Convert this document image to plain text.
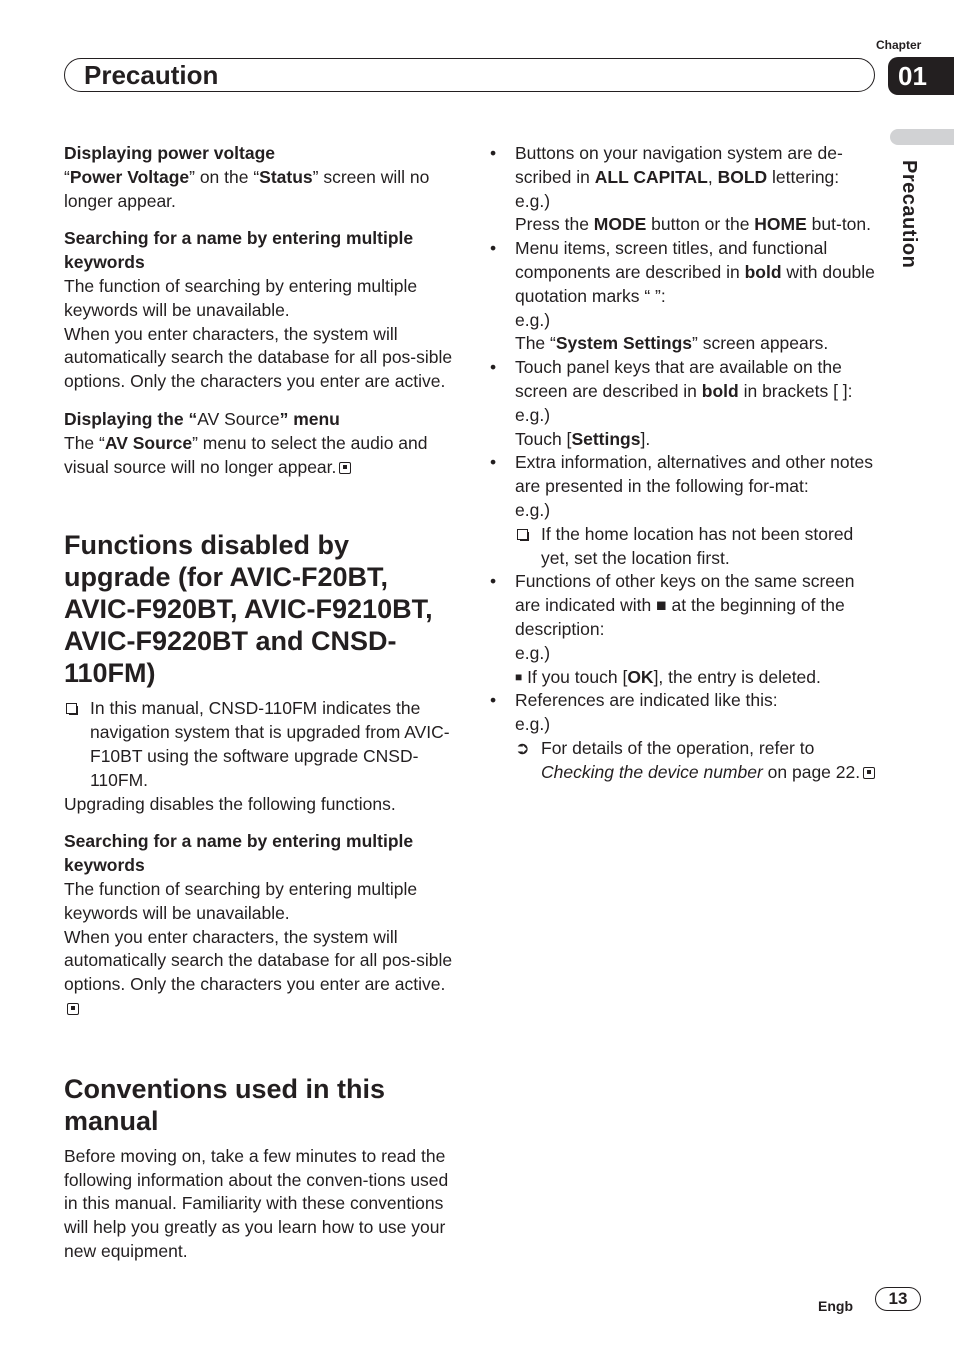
Chapter
01
Precaution
Precaution

Displaying power voltage

“Power Voltage” on the “Status” screen will no longer appear.

Searching for a name by entering multiple keywords

The function of searching by entering multiple keywords will be unavailable.

When you enter characters, the system will automatically search the database for all pos-sible options. Only the characters you enter are active.

Displaying the “AV Source” menu

The “AV Source” menu to select the audio and visual source will no longer appear.

Functions disabled by upgrade (for AVIC-F20BT, AVIC-F920BT, AVIC-F9210BT, AVIC-F9220BT and CNSD-110FM)

In this manual, CNSD-110FM indicates the navigation system that is upgraded from AVIC-F10BT using the software upgrade CNSD-110FM.

Upgrading disables the following functions.

Searching for a name by entering multiple keywords

The function of searching by entering multiple keywords will be unavailable.

When you enter characters, the system will automatically search the database for all pos-sible options. Only the characters you enter are active.

Conventions used in this manual

Before moving on, take a few minutes to read the following information about the conven-tions used in this manual. Familiarity with these conventions will help you greatly as you learn how to use your new equipment.

• Buttons on your navigation system are de-scribed in ALL CAPITAL, BOLD lettering:

e.g.)

Press the MODE button or the HOME but-ton.

• Menu items, screen titles, and functional components are described in bold with double quotation marks “ ”:

e.g.)

The “System Settings” screen appears.

• Touch panel keys that are available on the screen are described in bold in brackets [ ]:

e.g.)

Touch [Settings].

• Extra information, alternatives and other notes are presented in the following for-mat:

e.g.)

If the home location has not been stored yet, set the location first.

• Functions of other keys on the same screen are indicated with ■ at the beginning of the description:

e.g.)

■ If you touch [OK], the entry is deleted.

• References are indicated like this:

e.g.)

➲ For details of the operation, refer to Checking the device number on page 22.

Engb	13
